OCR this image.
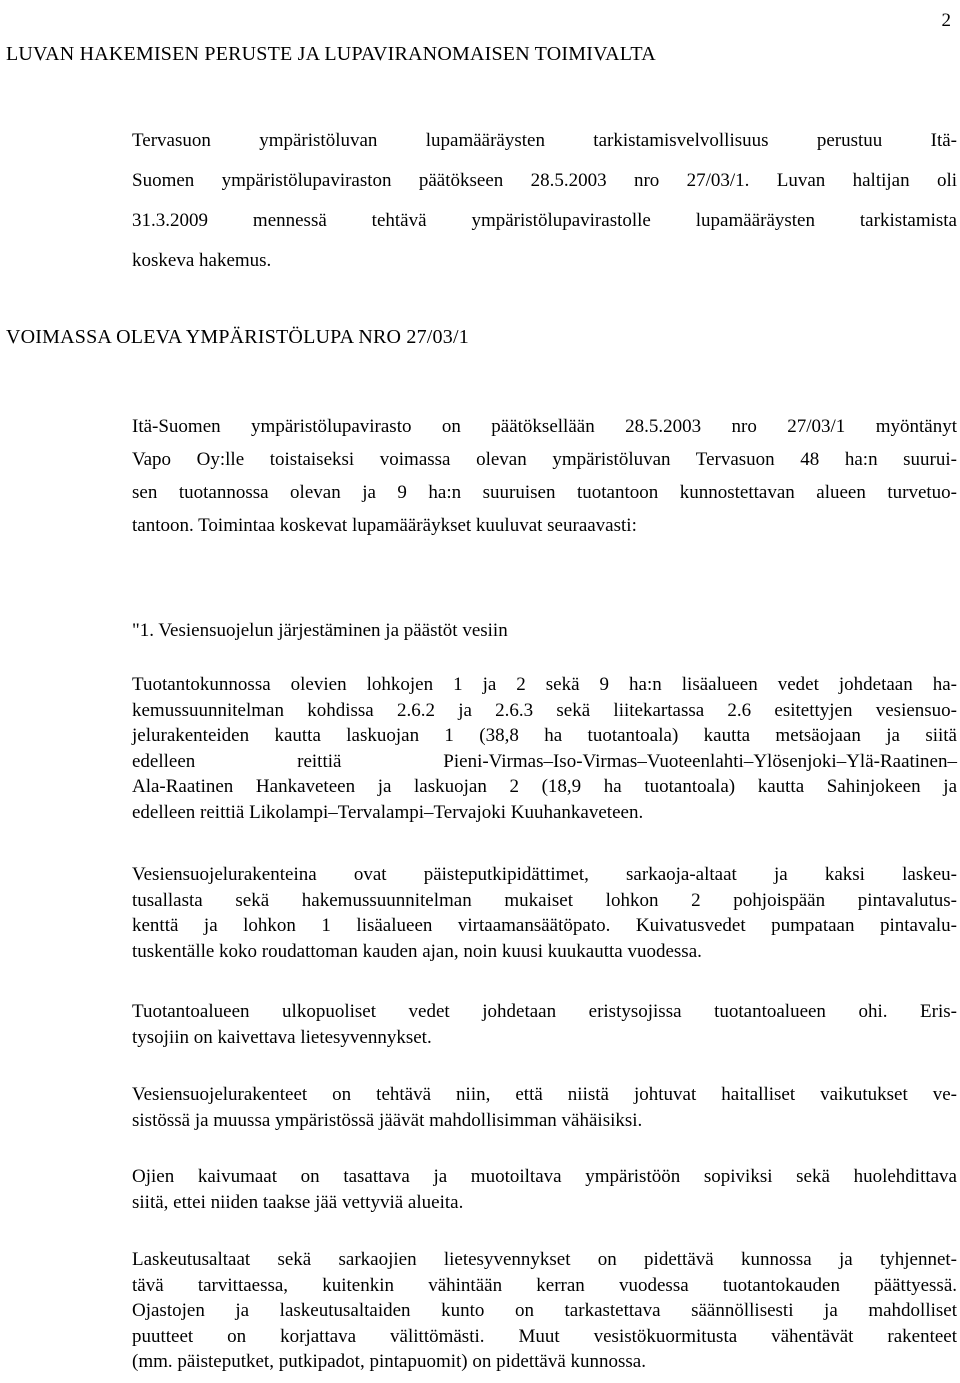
2
LUVAN HAKEMISEN PERUSTE JA LUPAVIRANOMAISEN TOIMIVALTA
Tervasuon ympäristöluvan lupamääräysten tarkistamisvelvollisuus perustuu Itä-
Suomen ympäristölupaviraston päätökseen 28.5.2003 nro 27/03/1. Luvan haltijan oli
31.3.2009 mennessä tehtävä ympäristölupavirastolle lupamääräysten tarkistamista
koskeva hakemus.
VOIMASSA OLEVA YMPÄRISTÖLUPA NRO 27/03/1
Itä-Suomen ympäristölupavirasto on päätöksellään 28.5.2003 nro 27/03/1 myöntänyt
Vapo Oy:lle toistaiseksi voimassa olevan ympäristöluvan Tervasuon 48 ha:n suurui-
sen tuotannossa olevan ja 9 ha:n suuruisen tuotantoon kunnostettavan alueen turvetuo-
tantoon. Toimintaa koskevat lupamääräykset kuuluvat seuraavasti:
"1. Vesiensuojelun järjestäminen ja päästöt vesiin
Tuotantokunnossa olevien lohkojen 1 ja 2 sekä 9 ha:n lisäalueen vedet johdetaan ha-
kemussuunnitelman kohdissa 2.6.2 ja 2.6.3 sekä liitekartassa 2.6 esitettyjen vesiensuo-
jelurakenteiden kautta laskuojan 1 (38,8 ha tuotantoala) kautta metsäojaan ja siitä
edelleen reittiä Pieni-Virmas–Iso-Virmas–Vuoteenlahti–Ylösenjoki–Ylä-Raatinen–
Ala-Raatinen Hankaveteen ja laskuojan 2 (18,9 ha tuotantoala) kautta Sahinjokeen ja
edelleen reittiä Likolampi–Tervalampi–Tervajoki Kuuhankaveteen.
Vesiensuojelurakenteina ovat päisteputkipidättimet, sarkaoja-altaat ja kaksi laskeu-
tusallasta sekä hakemussuunnitelman mukaiset lohkon 2 pohjoispään pintavalutus-
kenttä ja lohkon 1 lisäalueen virtaamansäätöpato. Kuivatusvedet pumpataan pintavalu-
tuskentälle koko roudattoman kauden ajan, noin kuusi kuukautta vuodessa.
Tuotantoalueen ulkopuoliset vedet johdetaan eristysojissa tuotantoalueen ohi. Eris-
tysojiin on kaivettava lietesyvennykset.
Vesiensuojelurakenteet on tehtävä niin, että niistä johtuvat haitalliset vaikutukset ve-
sistössä ja muussa ympäristössä jäävät mahdollisimman vähäisiksi.
Ojien kaivumaat on tasattava ja muotoiltava ympäristöön sopiviksi sekä huolehdittava
siitä, ettei niiden taakse jää vettyviä alueita.
Laskeutusaltaat sekä sarkaojien lietesyvennykset on pidettävä kunnossa ja tyhjennet-
tävä tarvittaessa, kuitenkin vähintään kerran vuodessa tuotantokauden päättyessä.
Ojastojen ja laskeutusaltaiden kunto on tarkastettava säännöllisesti ja mahdolliset
puutteet on korjattava välittömästi. Muut vesistökuormitusta vähentävät rakenteet
(mm. päisteputket, putkipadot, pintapuomit) on pidettävä kunnossa.
